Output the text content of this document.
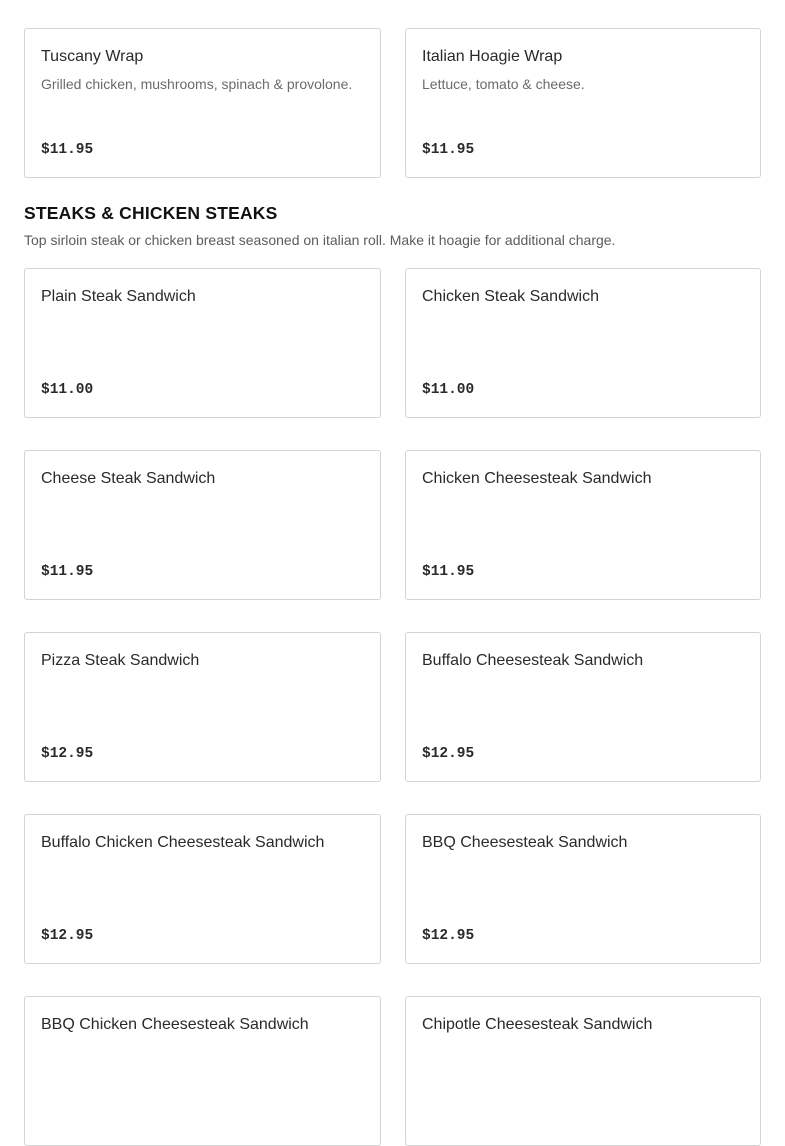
Tuscany Wrap
Grilled chicken, mushrooms, spinach & provolone.
$11.95
Italian Hoagie Wrap
Lettuce, tomato & cheese.
$11.95
STEAKS & CHICKEN STEAKS

Top sirloin steak or chicken breast seasoned on italian roll. Make it hoagie for additional charge.

Plain Steak Sandwich
$11.00
Chicken Steak Sandwich
$11.00
Cheese Steak Sandwich
$11.95
Chicken Cheesesteak Sandwich
$11.95
Pizza Steak Sandwich
$12.95
Buffalo Cheesesteak Sandwich
$12.95
Buffalo Chicken Cheesesteak Sandwich
$12.95
BBQ Cheesesteak Sandwich
$12.95
BBQ Chicken Cheesesteak Sandwich	Chipotle Cheesesteak Sandwich
